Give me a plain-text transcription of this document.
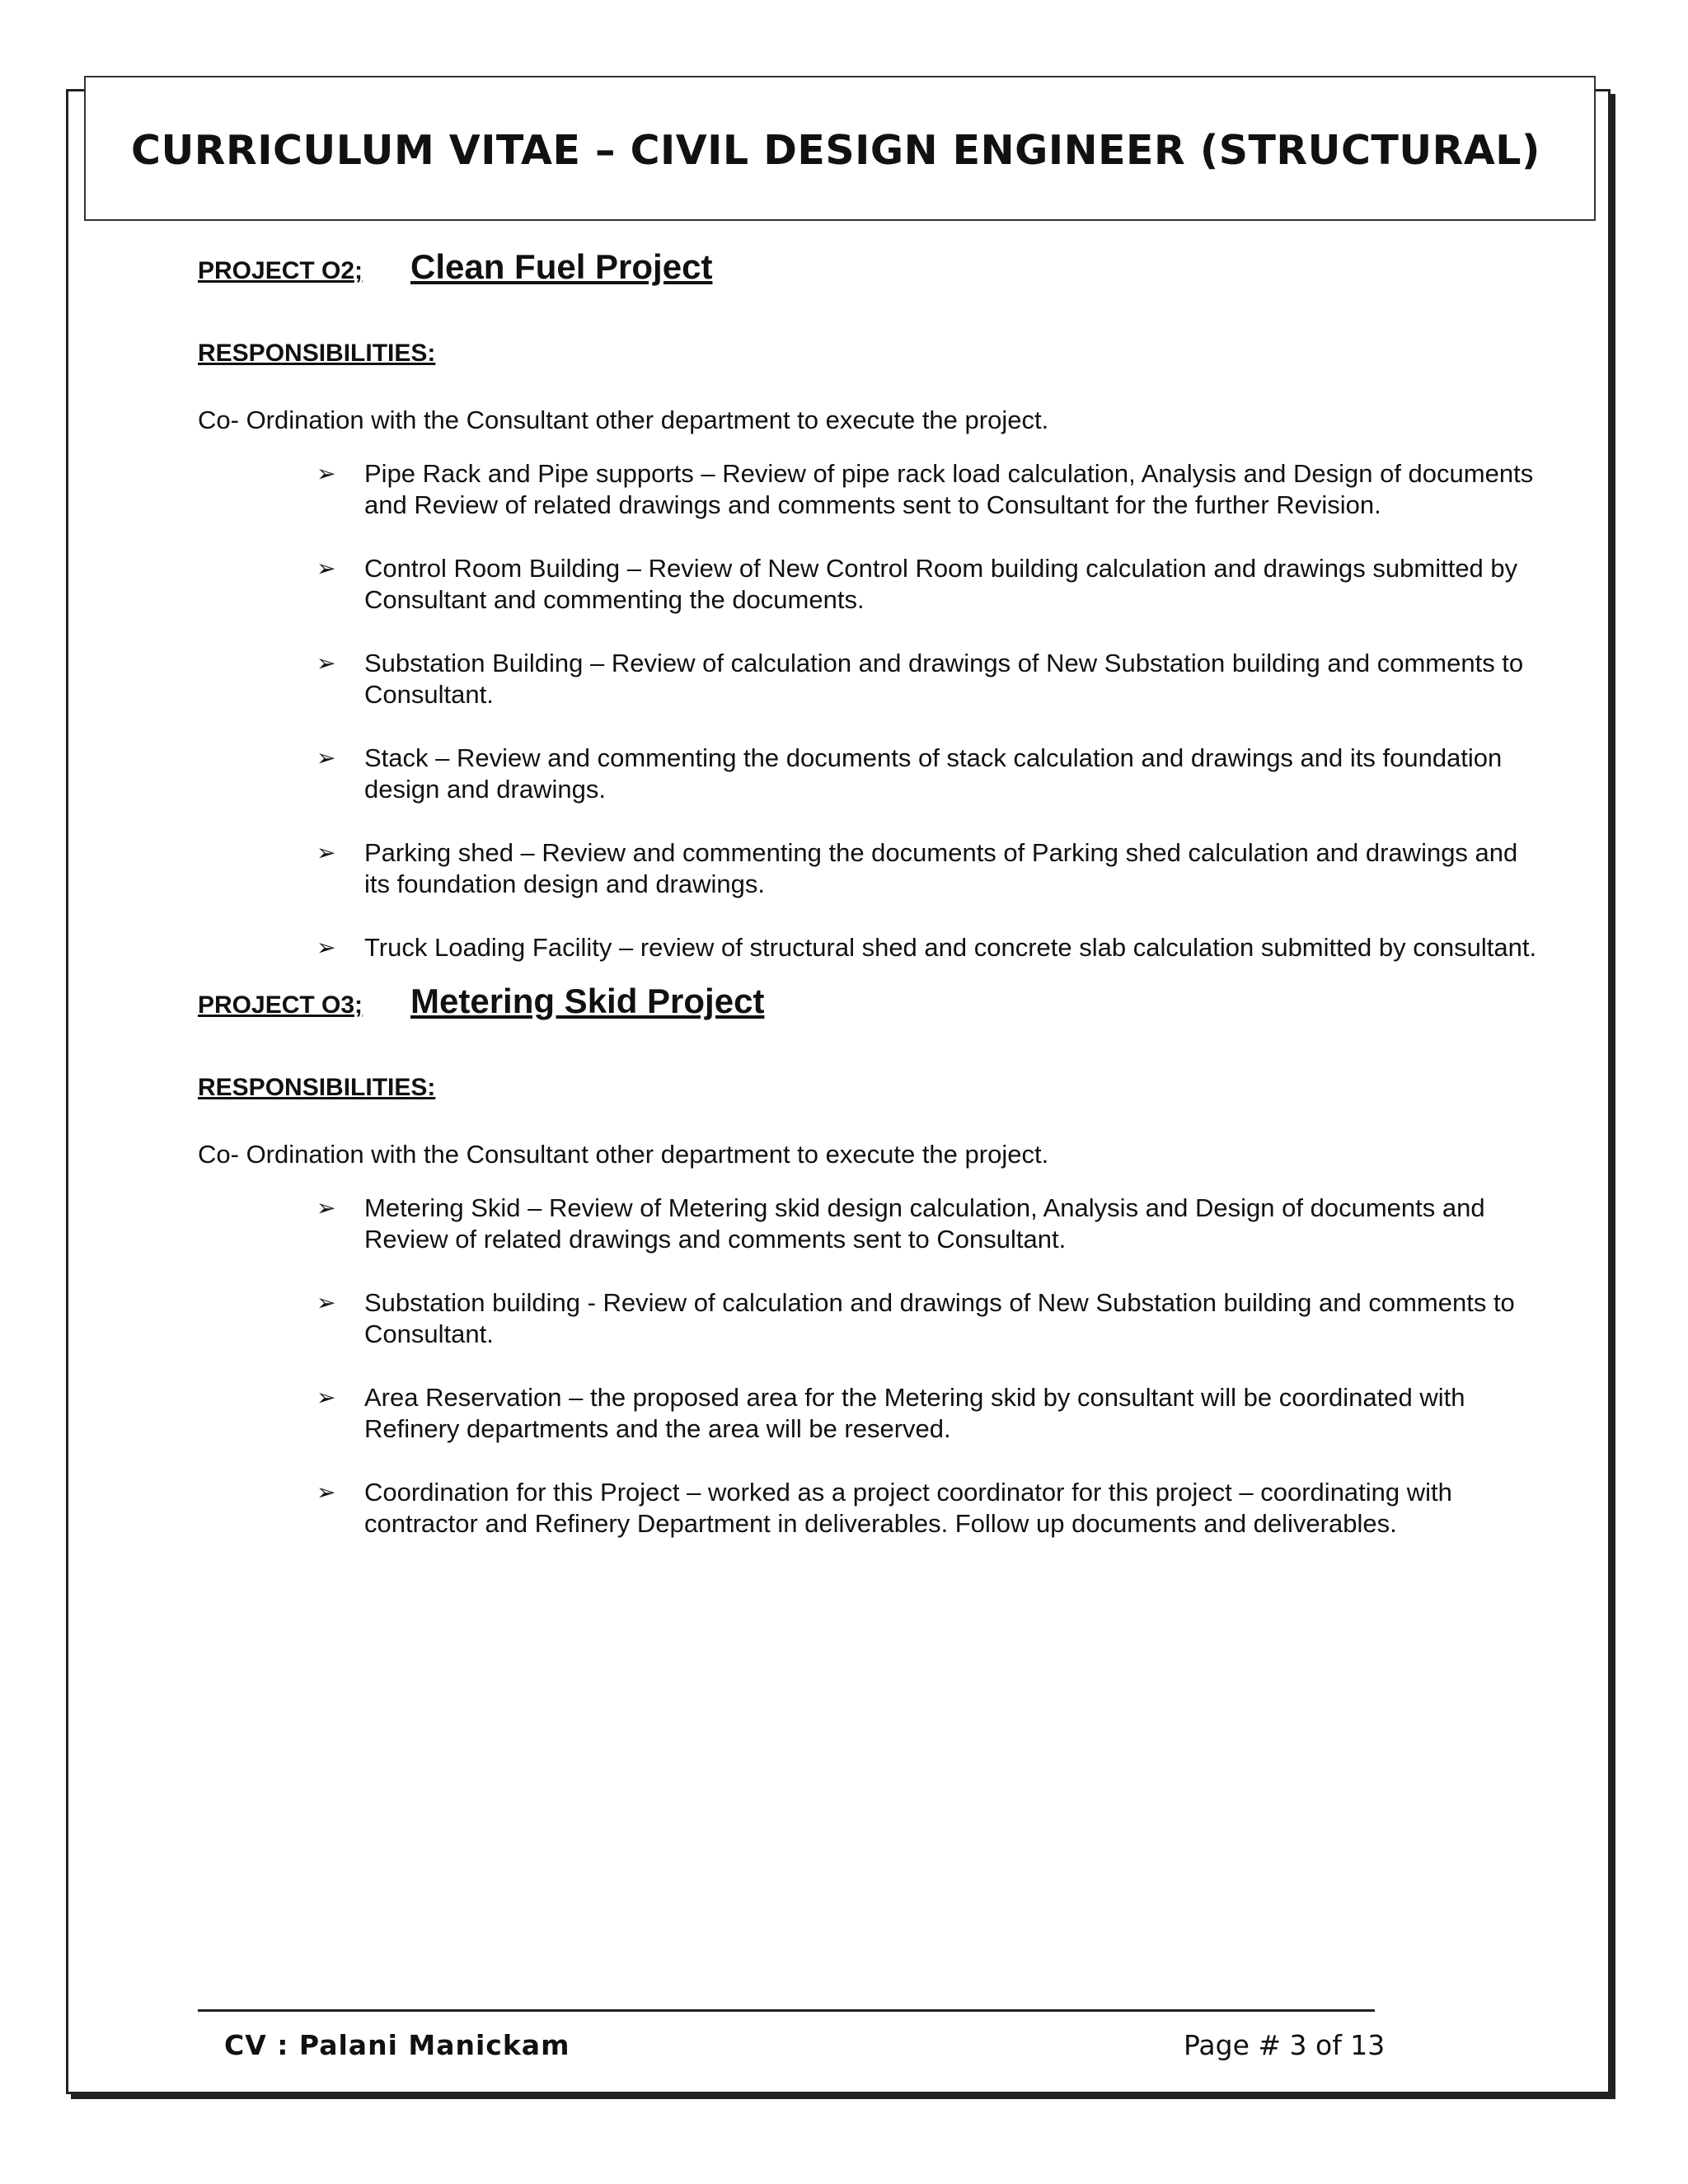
CURRICULUM VITAE – CIVIL DESIGN ENGINEER (STRUCTURAL)
PROJECT O2;	Clean Fuel Project
RESPONSIBILITIES:
Co- Ordination with the Consultant other department to execute the project.
➢ Pipe Rack and Pipe supports – Review of pipe rack load calculation, Analysis and Design of documents and Review of related drawings and comments sent to Consultant for the further Revision.
➢ Control Room Building – Review of New Control Room building calculation and drawings submitted by Consultant and commenting the documents.
➢ Substation Building – Review of calculation and drawings of New Substation building and comments to Consultant.
➢ Stack – Review and commenting the documents of stack calculation and drawings and its foundation design and drawings.
➢ Parking shed – Review and commenting the documents of Parking shed calculation and drawings and its foundation design and drawings.
➢ Truck Loading Facility – review of structural shed and concrete slab calculation submitted by consultant.
PROJECT O3;	Metering Skid Project
RESPONSIBILITIES:
Co- Ordination with the Consultant other department to execute the project.
➢ Metering Skid – Review of Metering skid design calculation, Analysis and Design of documents and Review of related drawings and comments sent to Consultant.
➢ Substation building - Review of calculation and drawings of New Substation building and comments to Consultant.
➢ Area Reservation – the proposed area for the Metering skid by consultant will be coordinated with Refinery departments and the area will be reserved.
➢ Coordination for this Project – worked as a project coordinator for this project – coordinating with contractor and Refinery Department in deliverables. Follow up documents and deliverables.
CV : Palani Manickam	Page # 3 of 13
